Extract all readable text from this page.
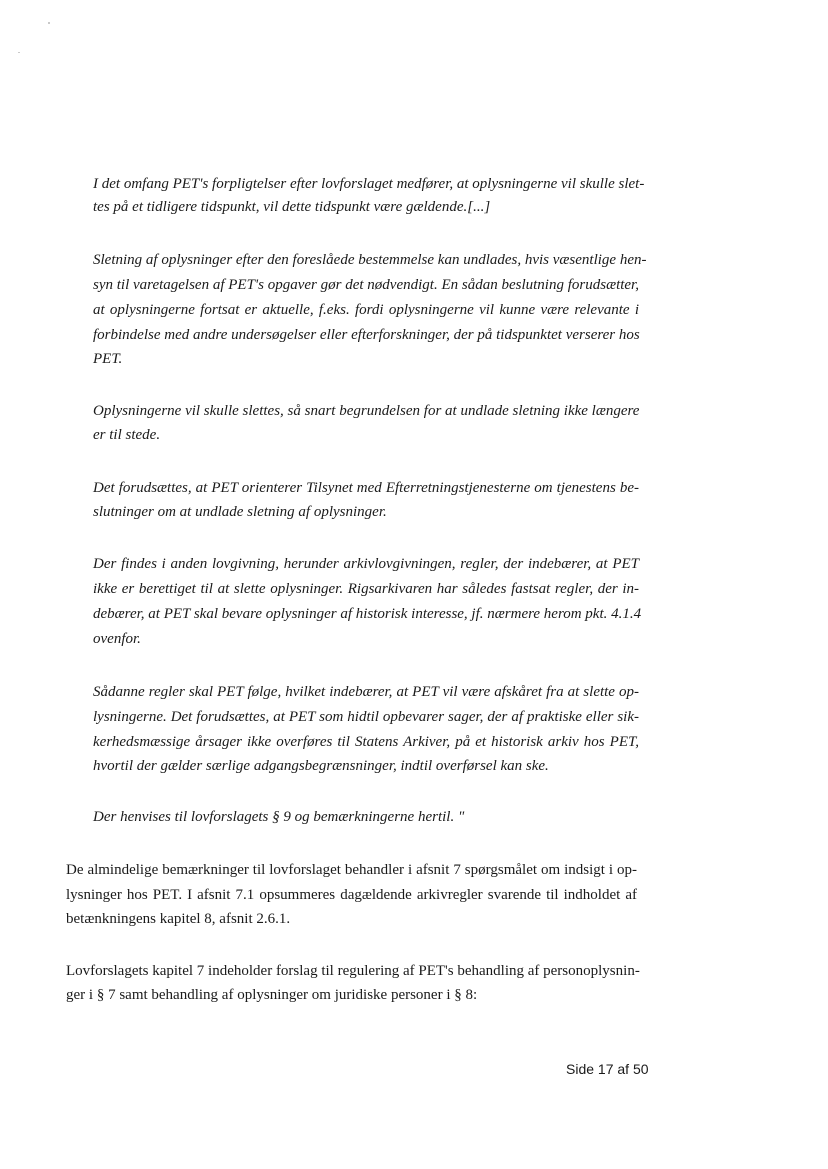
I det omfang PET's forpligtelser efter lovforslaget medfører, at oplysningerne vil skulle slet-
tes på et tidligere tidspunkt, vil dette tidspunkt være gældende.[...]
Sletning af oplysninger efter den foreslåede bestemmelse kan undlades, hvis væsentlige hen-
syn til varetagelsen af PET's opgaver gør det nødvendigt. En sådan beslutning forudsætter,
at oplysningerne fortsat er aktuelle, f.eks. fordi oplysningerne vil kunne være relevante i
forbindelse med andre undersøgelser eller efterforskninger, der på tidspunktet verserer hos
PET.
Oplysningerne vil skulle slettes, så snart begrundelsen for at undlade sletning ikke længere
er til stede.
Det forudsættes, at PET orienterer Tilsynet med Efterretningstjenesterne om tjenestens be-
slutninger om at undlade sletning af oplysninger.
Der findes i anden lovgivning, herunder arkivlovgivningen, regler, der indebærer, at PET
ikke er berettiget til at slette oplysninger. Rigsarkivaren har således fastsat regler, der in-
debærer, at PET skal bevare oplysninger af historisk interesse, jf. nærmere herom pkt. 4.1.4
ovenfor.
Sådanne regler skal PET følge, hvilket indebærer, at PET vil være afskåret fra at slette op-
lysningerne. Det forudsættes, at PET som hidtil opbevarer sager, der af praktiske eller sik-
kerhedsmæssige årsager ikke overføres til Statens Arkiver, på et historisk arkiv hos PET,
hvortil der gælder særlige adgangsbegrænsninger, indtil overførsel kan ske.
Der henvises til lovforslagets § 9 og bemærkningerne hertil. "
De almindelige bemærkninger til lovforslaget behandler i afsnit 7 spørgsmålet om indsigt i op-
lysninger hos PET. I afsnit 7.1 opsummeres dagældende arkivregler svarende til indholdet af
betænkningens kapitel 8, afsnit 2.6.1.
Lovforslagets kapitel 7 indeholder forslag til regulering af PET's behandling af personoplysnin-
ger i § 7 samt behandling af oplysninger om juridiske personer i § 8:
Side 17 af 50
